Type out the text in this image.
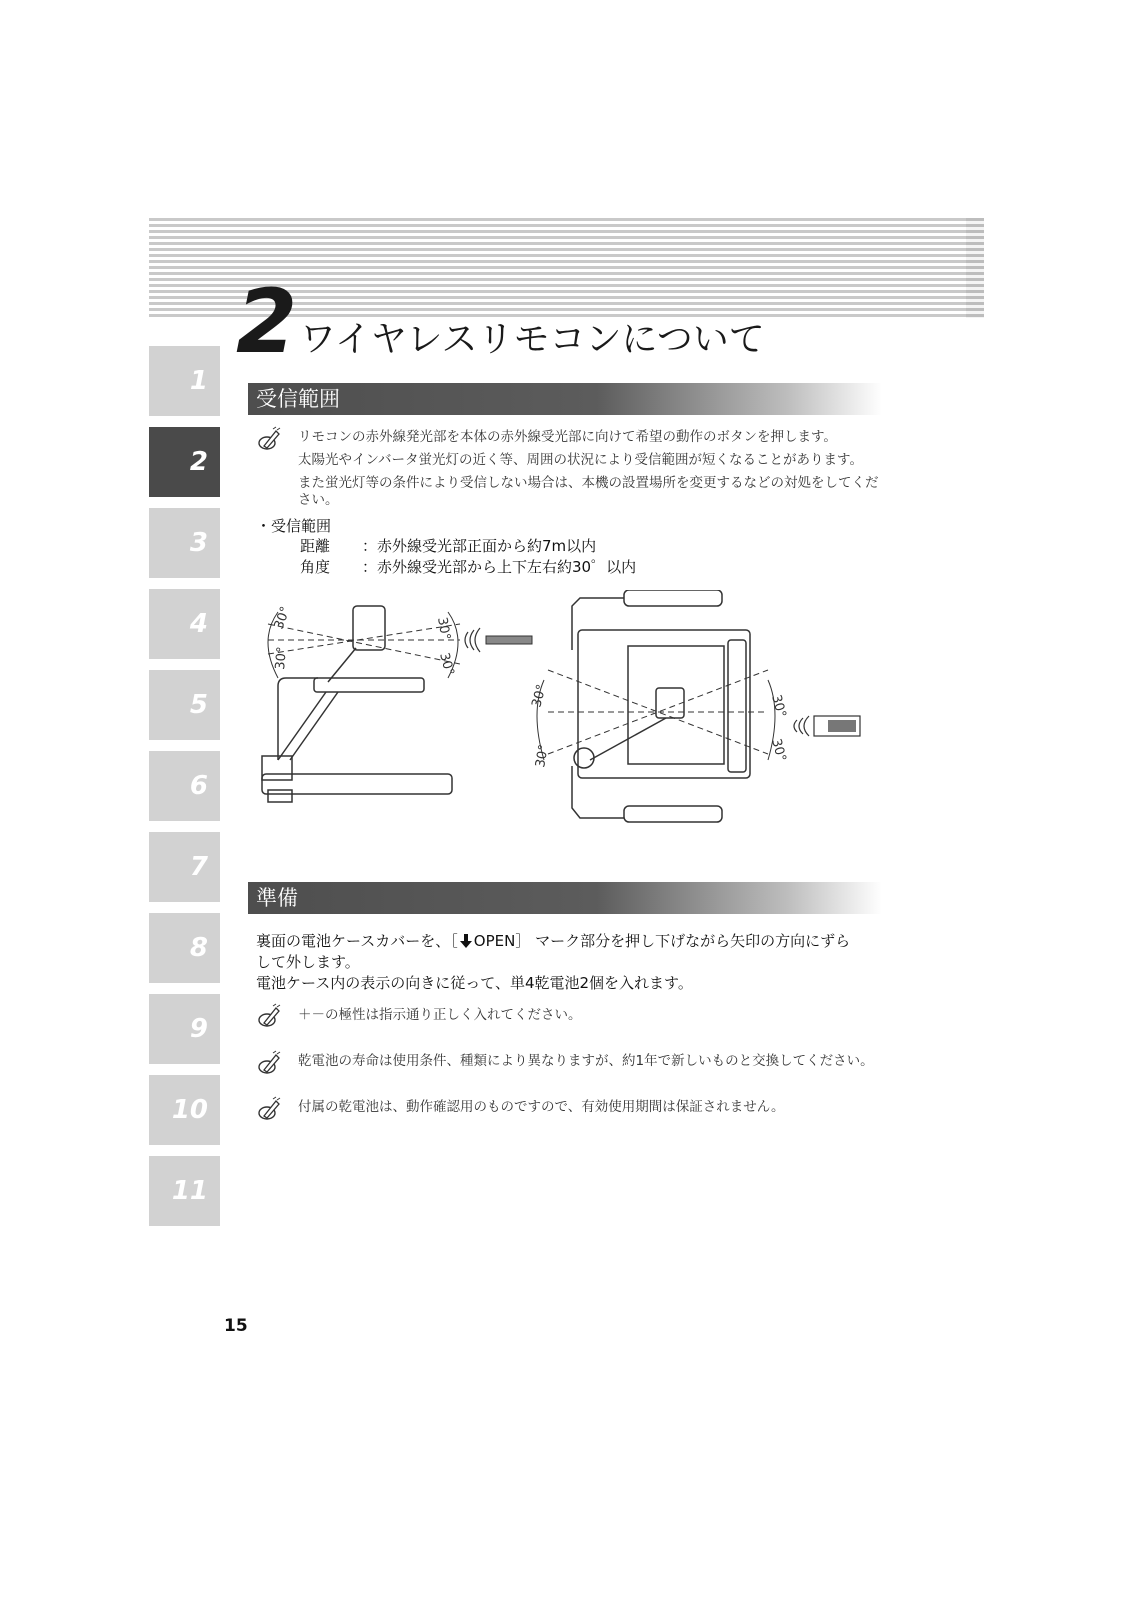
2 ワイヤレスリモコンについて
1
2
3
4
5
6
7
8
9
10
11
受信範囲
リモコンの赤外線発光部を本体の赤外線受光部に向けて希望の動作のボタンを押します。
太陽光やインバータ蛍光灯の近く等、周囲の状況により受信範囲が短くなることがあります。
また蛍光灯等の条件により受信しない場合は、本機の設置場所を変更するなどの対処をしてくだ
さい。
・受信範囲
距離 ：赤外線受光部正面から約7m以内
角度 ：赤外線受光部から上下左右約30゜以内
30°
30°
30°
30°
30°
30°
30°
30°
準備
裏面の電池ケースカバーを、［ OPEN］ マーク部分を押し下げながら矢印の方向にずら
して外します。
電池ケース内の表示の向きに従って、単4乾電池2個を入れます。
＋－の極性は指示通り正しく入れてください。
乾電池の寿命は使用条件、種類により異なりますが、約1年で新しいものと交換してください。
付属の乾電池は、動作確認用のものですので、有効使用期間は保証されません。
15
